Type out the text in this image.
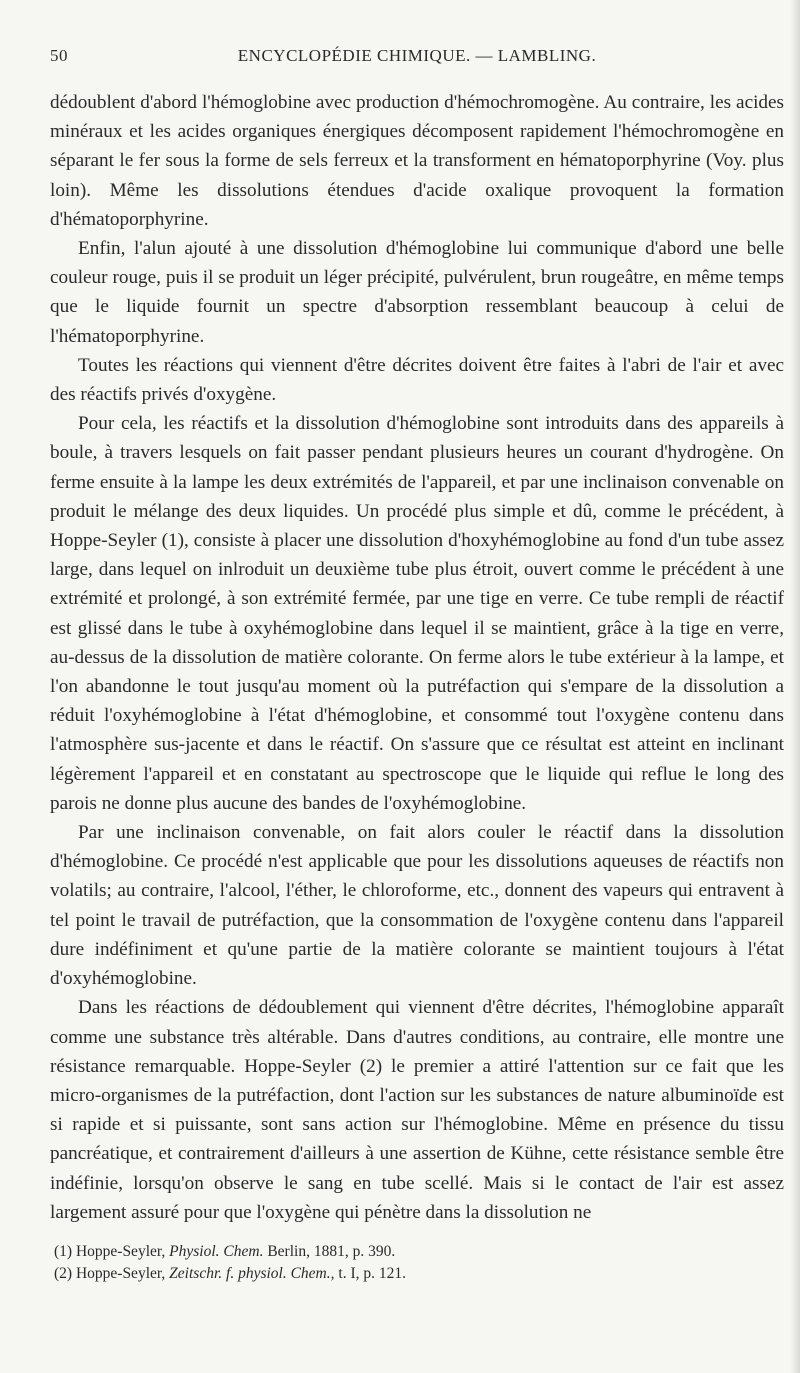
50	ENCYCLOPÉDIE CHIMIQUE. — LAMBLING.

dédoublent d'abord l'hémoglobine avec production d'hémochromogène. Au contraire, les acides minéraux et les acides organiques énergiques décomposent rapidement l'hémochromogène en séparant le fer sous la forme de sels ferreux et la transforment en hématoporphyrine (Voy. plus loin). Même les dissolutions étendues d'acide oxalique provoquent la formation d'hématoporphyrine.

Enfin, l'alun ajouté à une dissolution d'hémoglobine lui communique d'abord une belle couleur rouge, puis il se produit un léger précipité, pulvérulent, brun rougeâtre, en même temps que le liquide fournit un spectre d'absorption ressemblant beaucoup à celui de l'hématoporphyrine.

Toutes les réactions qui viennent d'être décrites doivent être faites à l'abri de l'air et avec des réactifs privés d'oxygène.

Pour cela, les réactifs et la dissolution d'hémoglobine sont introduits dans des appareils à boule, à travers lesquels on fait passer pendant plusieurs heures un courant d'hydrogène. On ferme ensuite à la lampe les deux extrémités de l'appareil, et par une inclinaison convenable on produit le mélange des deux liquides. Un procédé plus simple et dû, comme le précédent, à Hoppe-Seyler (1), consiste à placer une dissolution d'hoxyhémoglobine au fond d'un tube assez large, dans lequel on inlroduit un deuxième tube plus étroit, ouvert comme le précédent à une extrémité et prolongé, à son extrémité fermée, par une tige en verre. Ce tube rempli de réactif est glissé dans le tube à oxyhémoglobine dans lequel il se maintient, grâce à la tige en verre, au-dessus de la dissolution de matière colorante. On ferme alors le tube extérieur à la lampe, et l'on abandonne le tout jusqu'au moment où la putréfaction qui s'empare de la dissolution a réduit l'oxyhémoglobine à l'état d'hémoglobine, et consommé tout l'oxygène contenu dans l'atmosphère sus-jacente et dans le réactif. On s'assure que ce résultat est atteint en inclinant légèrement l'appareil et en constatant au spectroscope que le liquide qui reflue le long des parois ne donne plus aucune des bandes de l'oxyhémoglobine.

Par une inclinaison convenable, on fait alors couler le réactif dans la dissolution d'hémoglobine. Ce procédé n'est applicable que pour les dissolutions aqueuses de réactifs non volatils; au contraire, l'alcool, l'éther, le chloroforme, etc., donnent des vapeurs qui entravent à tel point le travail de putréfaction, que la consommation de l'oxygène contenu dans l'appareil dure indéfiniment et qu'une partie de la matière colorante se maintient toujours à l'état d'oxyhémoglobine.

Dans les réactions de dédoublement qui viennent d'être décrites, l'hémoglobine apparaît comme une substance très altérable. Dans d'autres conditions, au contraire, elle montre une résistance remarquable. Hoppe-Seyler (2) le premier a attiré l'attention sur ce fait que les micro-organismes de la putréfaction, dont l'action sur les substances de nature albuminoïde est si rapide et si puissante, sont sans action sur l'hémoglobine. Même en présence du tissu pancréatique, et contrairement d'ailleurs à une assertion de Kühne, cette résistance semble être indéfinie, lorsqu'on observe le sang en tube scellé. Mais si le contact de l'air est assez largement assuré pour que l'oxygène qui pénètre dans la dissolution ne

(1) Hoppe-Seyler, Physiol. Chem. Berlin, 1881, p. 390.

(2) Hoppe-Seyler, Zeitschr. f. physiol. Chem., t. I, p. 121.
